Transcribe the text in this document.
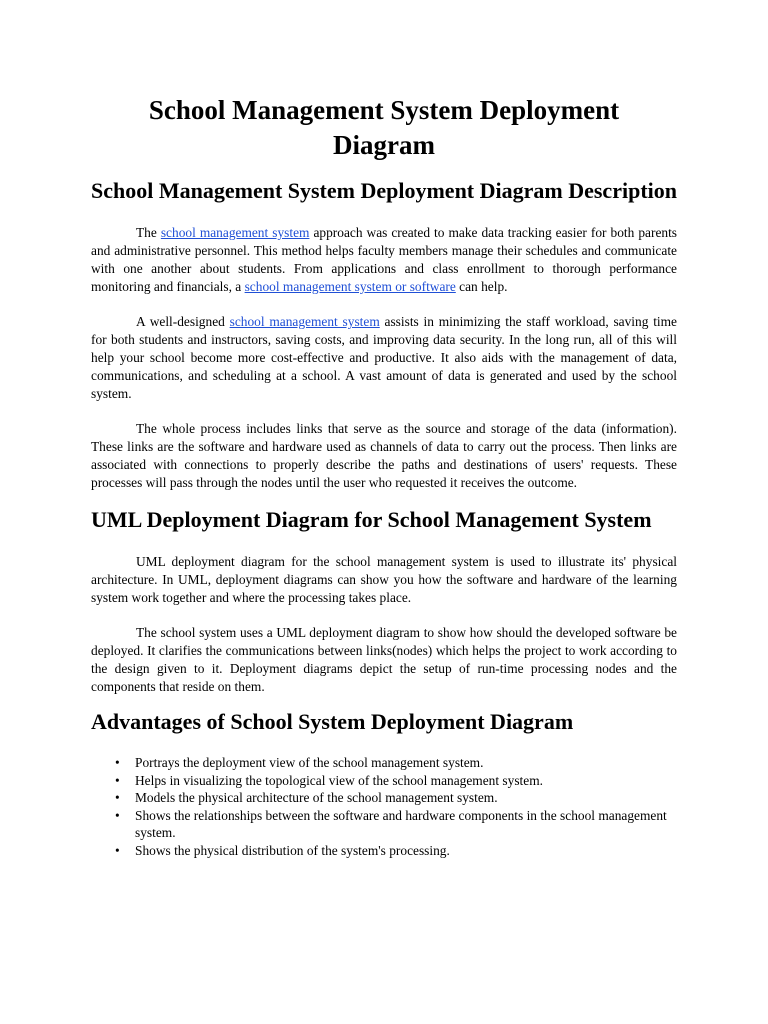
School Management System Deployment Diagram
School Management System Deployment Diagram Description

The school management system approach was created to make data tracking easier for both parents and administrative personnel. This method helps faculty members manage their schedules and communicate with one another about students. From applications and class enrollment to thorough performance monitoring and financials, a school management system or software can help.

A well-designed school management system assists in minimizing the staff workload, saving time for both students and instructors, saving costs, and improving data security. In the long run, all of this will help your school become more cost-effective and productive. It also aids with the management of data, communications, and scheduling at a school. A vast amount of data is generated and used by the school system.

The whole process includes links that serve as the source and storage of the data (information). These links are the software and hardware used as channels of data to carry out the process. Then links are associated with connections to properly describe the paths and destinations of users' requests. These processes will pass through the nodes until the user who requested it receives the outcome.

UML Deployment Diagram for School Management System

UML deployment diagram for the school management system is used to illustrate its' physical architecture. In UML, deployment diagrams can show you how the software and hardware of the learning system work together and where the processing takes place.

The school system uses a UML deployment diagram to show how should the developed software be deployed. It clarifies the communications between links(nodes) which helps the project to work according to the design given to it. Deployment diagrams depict the setup of run-time processing nodes and the components that reside on them.

Advantages of School System Deployment Diagram
• Portrays the deployment view of the school management system.
• Helps in visualizing the topological view of the school management system.
• Models the physical architecture of the school management system.
• Shows the relationships between the software and hardware components in the school management system.
• Shows the physical distribution of the system's processing.
